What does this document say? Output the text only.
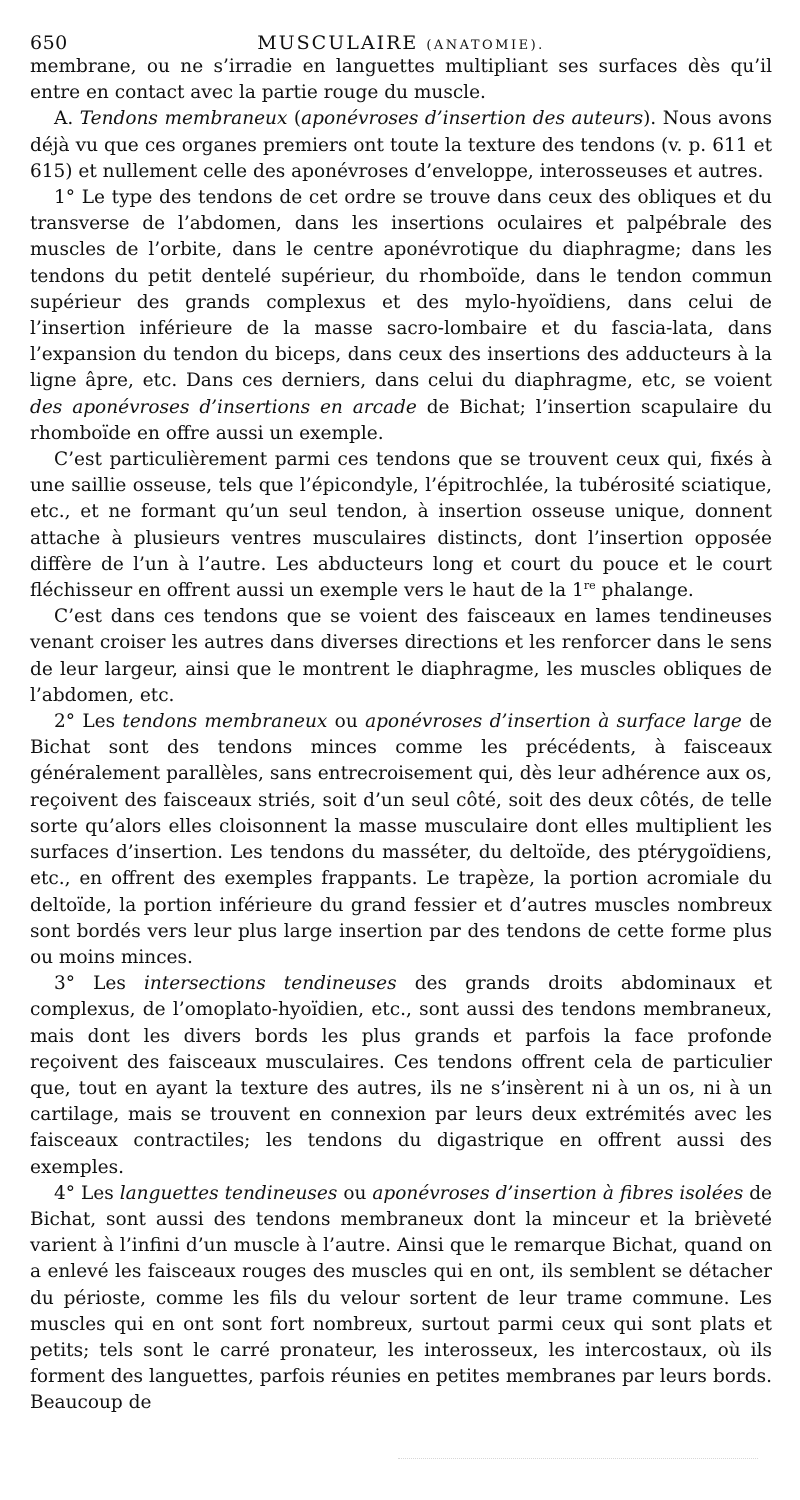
650	MUSCULAIRE (ANATOMIE).

membrane, ou ne s’irradie en languettes multipliant ses surfaces dès qu’il entre en contact avec la partie rouge du muscle.

A. Tendons membraneux (aponévroses d’insertion des auteurs). Nous avons déjà vu que ces organes premiers ont toute la texture des tendons (v. p. 611 et 615) et nullement celle des aponévroses d’enveloppe, interosseuses et autres.

1° Le type des tendons de cet ordre se trouve dans ceux des obliques et du transverse de l’abdomen, dans les insertions oculaires et palpébrale des muscles de l’orbite, dans le centre aponévrotique du diaphragme; dans les tendons du petit dentelé supérieur, du rhomboïde, dans le tendon commun supérieur des grands complexus et des mylo-hyoïdiens, dans celui de l’insertion inférieure de la masse sacro-lombaire et du fascia-lata, dans l’expansion du tendon du biceps, dans ceux des insertions des adducteurs à la ligne âpre, etc. Dans ces derniers, dans celui du diaphragme, etc, se voient des aponévroses d’insertions en arcade de Bichat; l’insertion scapulaire du rhomboïde en offre aussi un exemple.

C’est particulièrement parmi ces tendons que se trouvent ceux qui, fixés à une saillie osseuse, tels que l’épicondyle, l’épitrochlée, la tubérosité sciatique, etc., et ne formant qu’un seul tendon, à insertion osseuse unique, donnent attache à plusieurs ventres musculaires distincts, dont l’insertion opposée diffère de l’un à l’autre. Les abducteurs long et court du pouce et le court fléchisseur en offrent aussi un exemple vers le haut de la 1re phalange.

C’est dans ces tendons que se voient des faisceaux en lames tendineuses venant croiser les autres dans diverses directions et les renforcer dans le sens de leur largeur, ainsi que le montrent le diaphragme, les muscles obliques de l’abdomen, etc.

2° Les tendons membraneux ou aponévroses d’insertion à surface large de Bichat sont des tendons minces comme les précédents, à faisceaux généralement parallèles, sans entrecroisement qui, dès leur adhérence aux os, reçoivent des faisceaux striés, soit d’un seul côté, soit des deux côtés, de telle sorte qu’alors elles cloisonnent la masse musculaire dont elles multiplient les surfaces d’insertion. Les tendons du masséter, du deltoïde, des ptérygoïdiens, etc., en offrent des exemples frappants. Le trapèze, la portion acromiale du deltoïde, la portion inférieure du grand fessier et d’autres muscles nombreux sont bordés vers leur plus large insertion par des tendons de cette forme plus ou moins minces.

3° Les intersections tendineuses des grands droits abdominaux et complexus, de l’omoplato-hyoïdien, etc., sont aussi des tendons membraneux, mais dont les divers bords les plus grands et parfois la face profonde reçoivent des faisceaux musculaires. Ces tendons offrent cela de particulier que, tout en ayant la texture des autres, ils ne s’insèrent ni à un os, ni à un cartilage, mais se trouvent en connexion par leurs deux extrémités avec les faisceaux contractiles; les tendons du digastrique en offrent aussi des exemples.

4° Les languettes tendineuses ou aponévroses d’insertion à fibres isolées de Bichat, sont aussi des tendons membraneux dont la minceur et la brièveté varient à l’infini d’un muscle à l’autre. Ainsi que le remarque Bichat, quand on a enlevé les faisceaux rouges des muscles qui en ont, ils semblent se détacher du périoste, comme les fils du velour sortent de leur trame commune. Les muscles qui en ont sont fort nombreux, surtout parmi ceux qui sont plats et petits; tels sont le carré pronateur, les interosseux, les intercostaux, où ils forment des languettes, parfois réunies en petites membranes par leurs bords. Beaucoup de
